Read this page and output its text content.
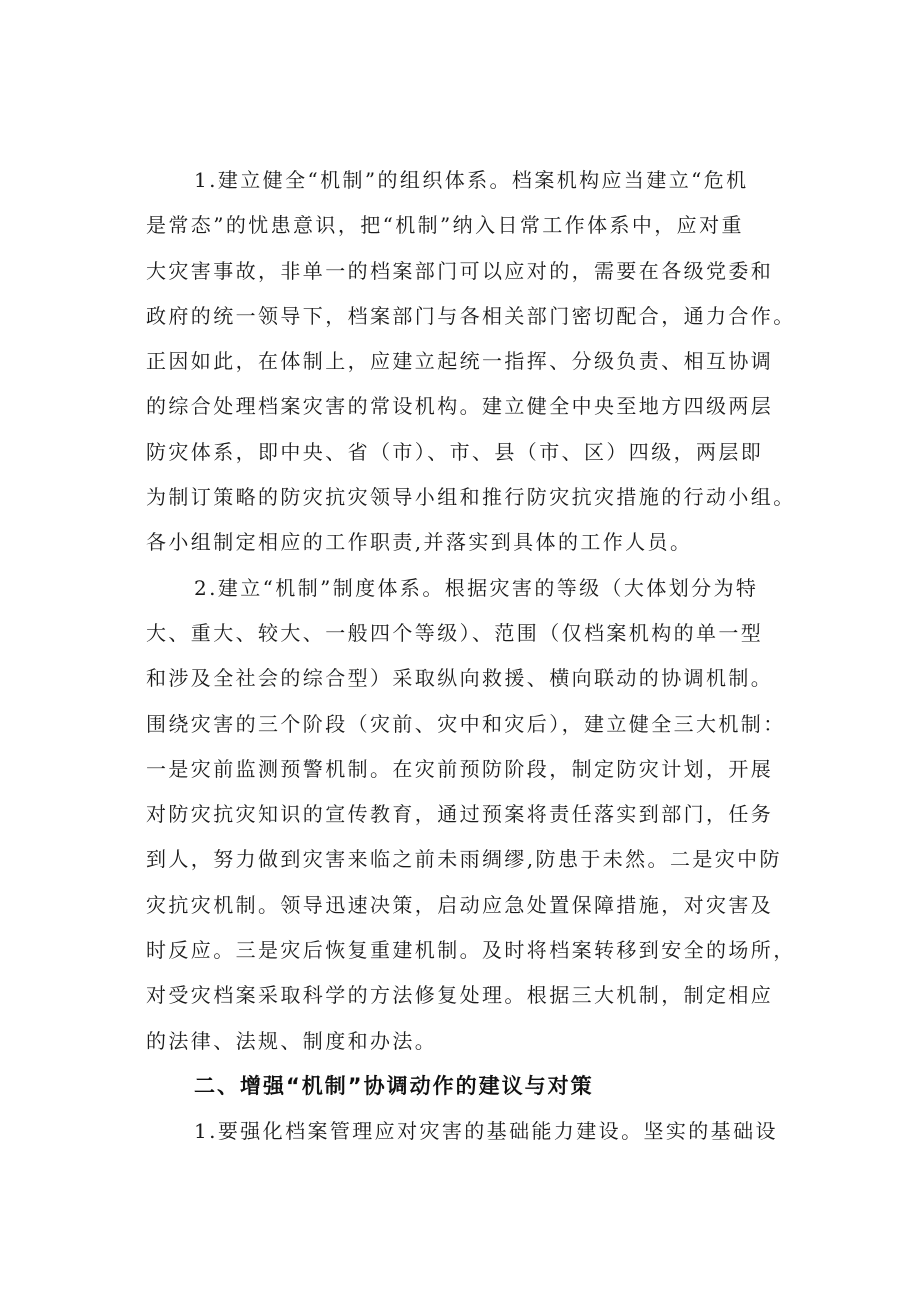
1.建立健全“机制”的组织体系。档案机构应当建立“危机
是常态”的忧患意识，把“机制”纳入日常工作体系中，应对重
大灾害事故，非单一的档案部门可以应对的，需要在各级党委和
政府的统一领导下，档案部门与各相关部门密切配合，通力合作。
正因如此，在体制上，应建立起统一指挥、分级负责、相互协调
的综合处理档案灾害的常设机构。建立健全中央至地方四级两层
防灾体系，即中央、省（市）、市、县（市、区）四级，两层即
为制订策略的防灾抗灾领导小组和推行防灾抗灾措施的行动小组。
各小组制定相应的工作职责,并落实到具体的工作人员。

2.建立“机制”制度体系。根据灾害的等级（大体划分为特
大、重大、较大、一般四个等级）、范围（仅档案机构的单一型
和涉及全社会的综合型）采取纵向救援、横向联动的协调机制。
围绕灾害的三个阶段（灾前、灾中和灾后），建立健全三大机制：
一是灾前监测预警机制。在灾前预防阶段，制定防灾计划，开展
对防灾抗灾知识的宣传教育，通过预案将责任落实到部门，任务
到人，努力做到灾害来临之前未雨绸缪,防患于未然。二是灾中防
灾抗灾机制。领导迅速决策，启动应急处置保障措施，对灾害及
时反应。三是灾后恢复重建机制。及时将档案转移到安全的场所，
对受灾档案采取科学的方法修复处理。根据三大机制，制定相应
的法律、法规、制度和办法。

二、增强“机制”协调动作的建议与对策

1.要强化档案管理应对灾害的基础能力建设。坚实的基础设
